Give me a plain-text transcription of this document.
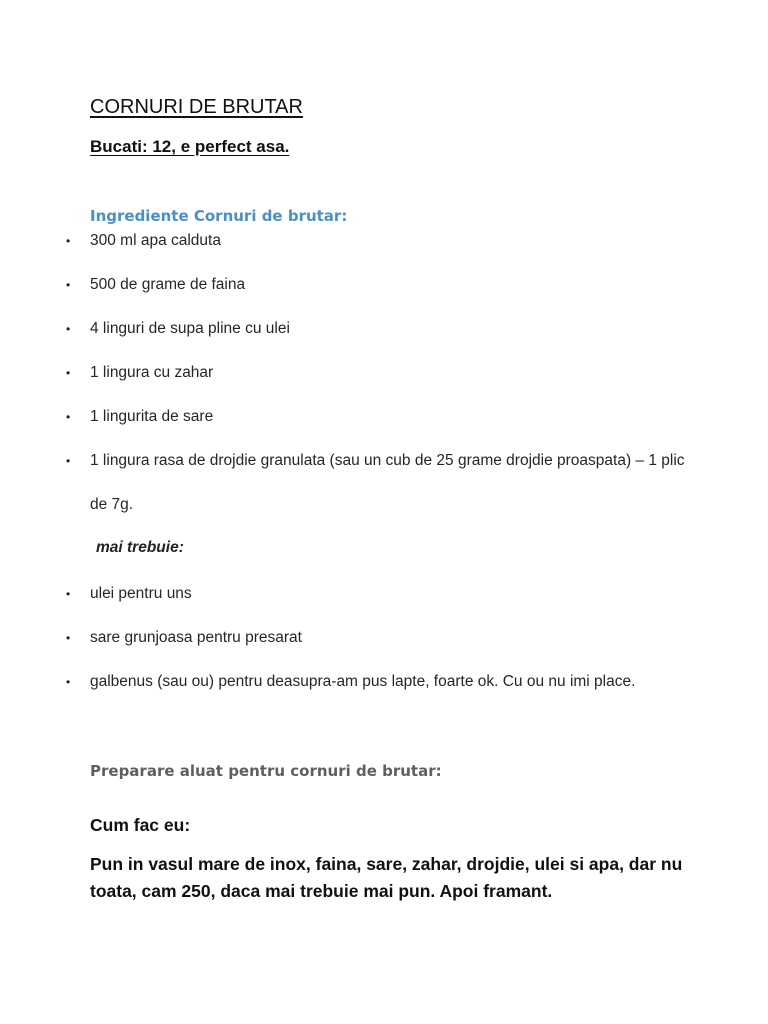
CORNURI DE BRUTAR
Bucati: 12, e perfect asa.
Ingrediente Cornuri de brutar:
• 300 ml apa calduta
• 500 de grame de faina
• 4 linguri de supa pline cu ulei
• 1 lingura cu zahar
• 1 lingurita de sare
• 1 lingura rasa de drojdie granulata (sau un cub de 25 grame drojdie proaspata) – 1 plic de 7g.
mai trebuie:
• ulei pentru uns
• sare grunjoasa pentru presarat
• galbenus (sau ou) pentru deasupra-am pus lapte, foarte ok. Cu ou nu imi place.
Preparare aluat pentru cornuri de brutar:
Cum fac eu:
Pun in vasul mare de inox, faina, sare, zahar, drojdie, ulei si apa, dar nu toata, cam 250, daca mai trebuie mai pun. Apoi framant.
